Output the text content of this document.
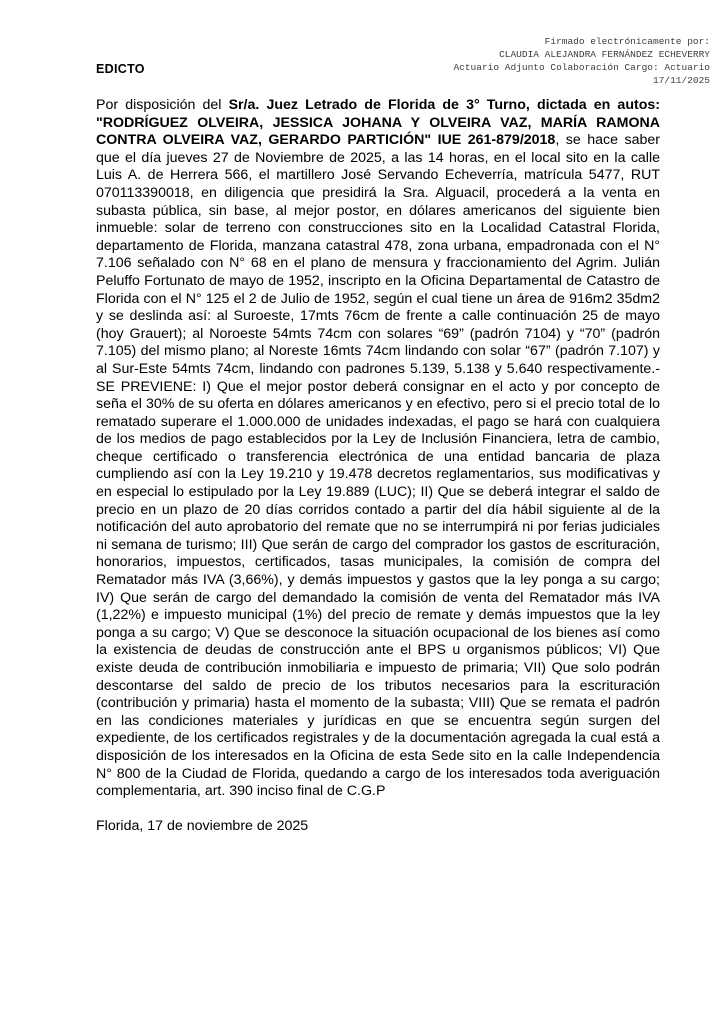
Firmado electrónicamente por:
CLAUDIA ALEJANDRA FERNÁNDEZ ECHEVERRY
Actuario Adjunto Colaboración Cargo: Actuario
17/11/2025
EDICTO

Por disposición del Sr/a. Juez Letrado de Florida de 3° Turno, dictada en autos: "RODRÍGUEZ OLVEIRA, JESSICA JOHANA Y OLVEIRA VAZ, MARÍA RAMONA CONTRA OLVEIRA VAZ, GERARDO PARTICIÓN" IUE 261-879/2018, se hace saber que el día jueves 27 de Noviembre de 2025, a las 14 horas, en el local sito en la calle Luis A. de Herrera 566, el martillero José Servando Echeverría, matrícula 5477, RUT 070113390018, en diligencia que presidirá la Sra. Alguacil, procederá a la venta en subasta pública, sin base, al mejor postor, en dólares americanos del siguiente bien inmueble: solar de terreno con construcciones sito en la Localidad Catastral Florida, departamento de Florida, manzana catastral 478, zona urbana, empadronada con el N° 7.106 señalado con N° 68 en el plano de mensura y fraccionamiento del Agrim. Julián Peluffo Fortunato de mayo de 1952, inscripto en la Oficina Departamental de Catastro de Florida con el N° 125 el 2 de Julio de 1952, según el cual tiene un área de 916m2 35dm2 y se deslinda así: al Suroeste, 17mts 76cm de frente a calle continuación 25 de mayo (hoy Grauert); al Noroeste 54mts 74cm con solares “69” (padrón 7104) y “70” (padrón 7.105) del mismo plano; al Noreste 16mts 74cm lindando con solar “67” (padrón 7.107) y al Sur-Este 54mts 74cm, lindando con padrones 5.139, 5.138 y 5.640 respectivamente.- SE PREVIENE: I) Que el mejor postor deberá consignar en el acto y por concepto de seña el 30% de su oferta en dólares americanos y en efectivo, pero si el precio total de lo rematado superare el 1.000.000 de unidades indexadas, el pago se hará con cualquiera de los medios de pago establecidos por la Ley de Inclusión Financiera, letra de cambio, cheque certificado o transferencia electrónica de una entidad bancaria de plaza cumpliendo así con la Ley 19.210 y 19.478 decretos reglamentarios, sus modificativas y en especial lo estipulado por la Ley 19.889 (LUC); II) Que se deberá integrar el saldo de precio en un plazo de 20 días corridos contado a partir del día hábil siguiente al de la notificación del auto aprobatorio del remate que no se interrumpirá ni por ferias judiciales ni semana de turismo; III) Que serán de cargo del comprador los gastos de escrituración, honorarios, impuestos, certificados, tasas municipales, la comisión de compra del Rematador más IVA (3,66%), y demás impuestos y gastos que la ley ponga a su cargo; IV) Que serán de cargo del demandado la comisión de venta del Rematador más IVA (1,22%) e impuesto municipal (1%) del precio de remate y demás impuestos que la ley ponga a su cargo; V) Que se desconoce la situación ocupacional de los bienes así como la existencia de deudas de construcción ante el BPS u organismos públicos; VI) Que existe deuda de contribución inmobiliaria e impuesto de primaria; VII) Que solo podrán descontarse del saldo de precio de los tributos necesarios para la escrituración (contribución y primaria) hasta el momento de la subasta; VIII) Que se remata el padrón en las condiciones materiales y jurídicas en que se encuentra según surgen del expediente, de los certificados registrales y de la documentación agregada la cual está a disposición de los interesados en la Oficina de esta Sede sito en la calle Independencia N° 800 de la Ciudad de Florida, quedando a cargo de los interesados toda averiguación complementaria, art. 390 inciso final de C.G.P

Florida, 17 de noviembre de 2025
